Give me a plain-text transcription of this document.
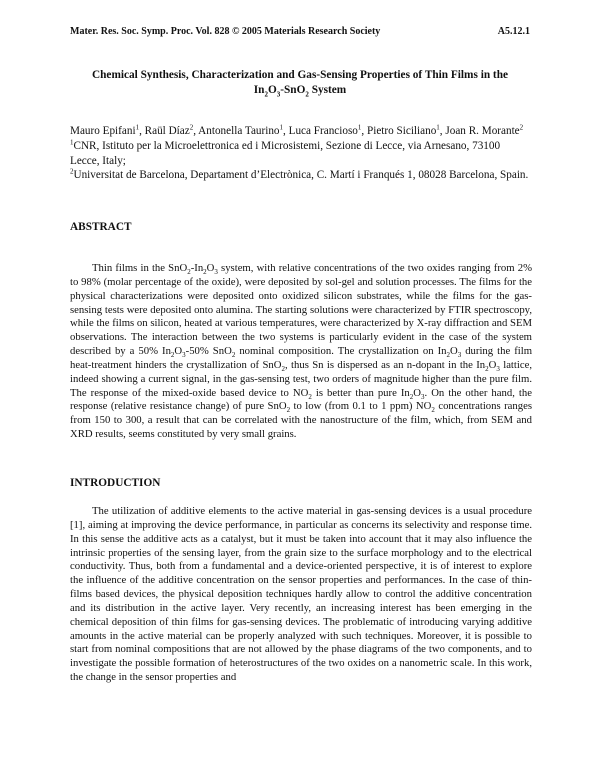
Mater. Res. Soc. Symp. Proc. Vol. 828 © 2005 Materials Research Society	A5.12.1
Chemical Synthesis, Characterization and Gas-Sensing Properties of Thin Films in the
$In_2O_3-SnO_2$ System

Mauro Epifani$^1$, Raül Díaz$^2$, Antonella Taurino$^1$, Luca Francioso$^1$, Pietro Siciliano$^1$, Joan R. Morante$^2$

$^1$CNR, Istituto per la Microelettronica ed i Microsistemi, Sezione di Lecce, via Arnesano, 73100 Lecce, Italy;

$^2$Universitat de Barcelona, Departament d’Electrònica, C. Martí i Franqués 1, 08028 Barcelona, Spain.

ABSTRACT

Thin films in the $SnO_2-In_2O_3$ system, with relative concentrations of the two oxides ranging from 2% to 98% (molar percentage of the oxide), were deposited by sol-gel and solution processes. The films for the physical characterizations were deposited onto oxidized silicon substrates, while the films for the gas-sensing tests were deposited onto alumina. The starting solutions were characterized by FTIR spectroscopy, while the films on silicon, heated at various temperatures, were characterized by X-ray diffraction and SEM observations. The interaction between the two systems is particularly evident in the case of the system described by a 50% $In_2O_3-50\%$ SnO$_2$ nominal composition. The crystallization on $In_2O_3$ during the film heat-treatment hinders the crystallization of SnO$_2$, thus Sn is dispersed as an n-dopant in the $In_2O_3$ lattice, indeed showing a current signal, in the gas-sensing test, two orders of magnitude higher than the pure film. The response of the mixed-oxide based device to $NO_2$ is better than pure $In_2O_3$. On the other hand, the response (relative resistance change) of pure SnO$_2$ to low (from 0.1 to 1 ppm) $NO_2$ concentrations ranges from 150 to 300, a result that can be correlated with the nanostructure of the film, which, from SEM and XRD results, seems constituted by very small grains.

INTRODUCTION

The utilization of additive elements to the active material in gas-sensing devices is a usual procedure [1], aiming at improving the device performance, in particular as concerns its selectivity and response time. In this sense the additive acts as a catalyst, but it must be taken into account that it may also influence the intrinsic properties of the sensing layer, from the grain size to the surface morphology and to the electrical conductivity. Thus, both from a fundamental and a device-oriented perspective, it is of interest to explore the influence of the additive concentration on the sensor properties and performances. In the case of thin-films based devices, the physical deposition techniques hardly allow to control the additive concentration and its distribution in the active layer. Very recently, an increasing interest has been emerging in the chemical deposition of thin films for gas-sensing devices. The problematic of introducing varying additive amounts in the active material can be properly analyzed with such techniques. Moreover, it is possible to start from nominal compositions that are not allowed by the phase diagrams of the two components, and to investigate the possible formation of heterostructures of the two oxides on a nanometric scale. In this work, the change in the sensor properties and
